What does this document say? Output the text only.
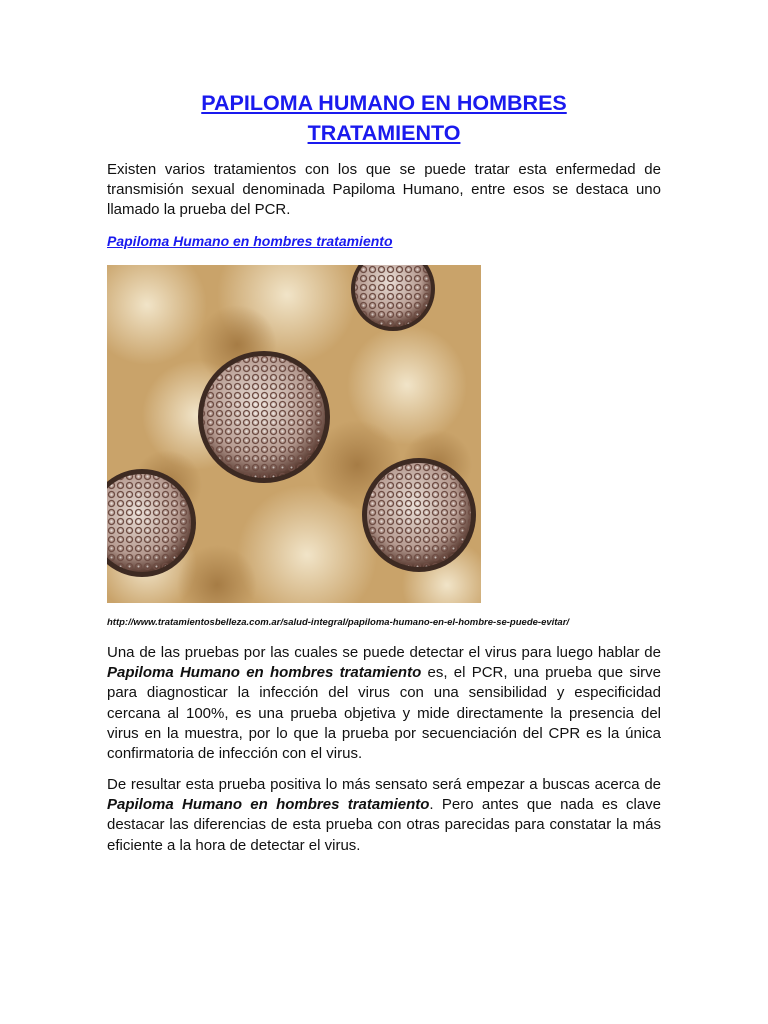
PAPILOMA HUMANO EN HOMBRES
TRATAMIENTO

Existen varios tratamientos con los que se puede tratar esta enfermedad de transmisión sexual denominada Papiloma Humano, entre esos se destaca uno llamado la prueba del PCR.

Papiloma Humano en hombres tratamiento
http://www.tratamientosbelleza.com.ar/salud-integral/papiloma-humano-en-el-hombre-se-puede-evitar/

Una de las pruebas por las cuales se puede detectar el virus para luego hablar de Papiloma Humano en hombres tratamiento es, el PCR, una prueba que sirve para diagnosticar la infección del virus con una sensibilidad y especificidad cercana al 100%, es una prueba objetiva y mide directamente la presencia del virus en la muestra, por lo que la prueba por secuenciación del CPR es la única confirmatoria de infección con el virus.

De resultar esta prueba positiva lo más sensato será empezar a buscas acerca de Papiloma Humano en hombres tratamiento. Pero antes que nada es clave destacar las diferencias de esta prueba con otras parecidas para constatar la más eficiente a la hora de detectar el virus.
